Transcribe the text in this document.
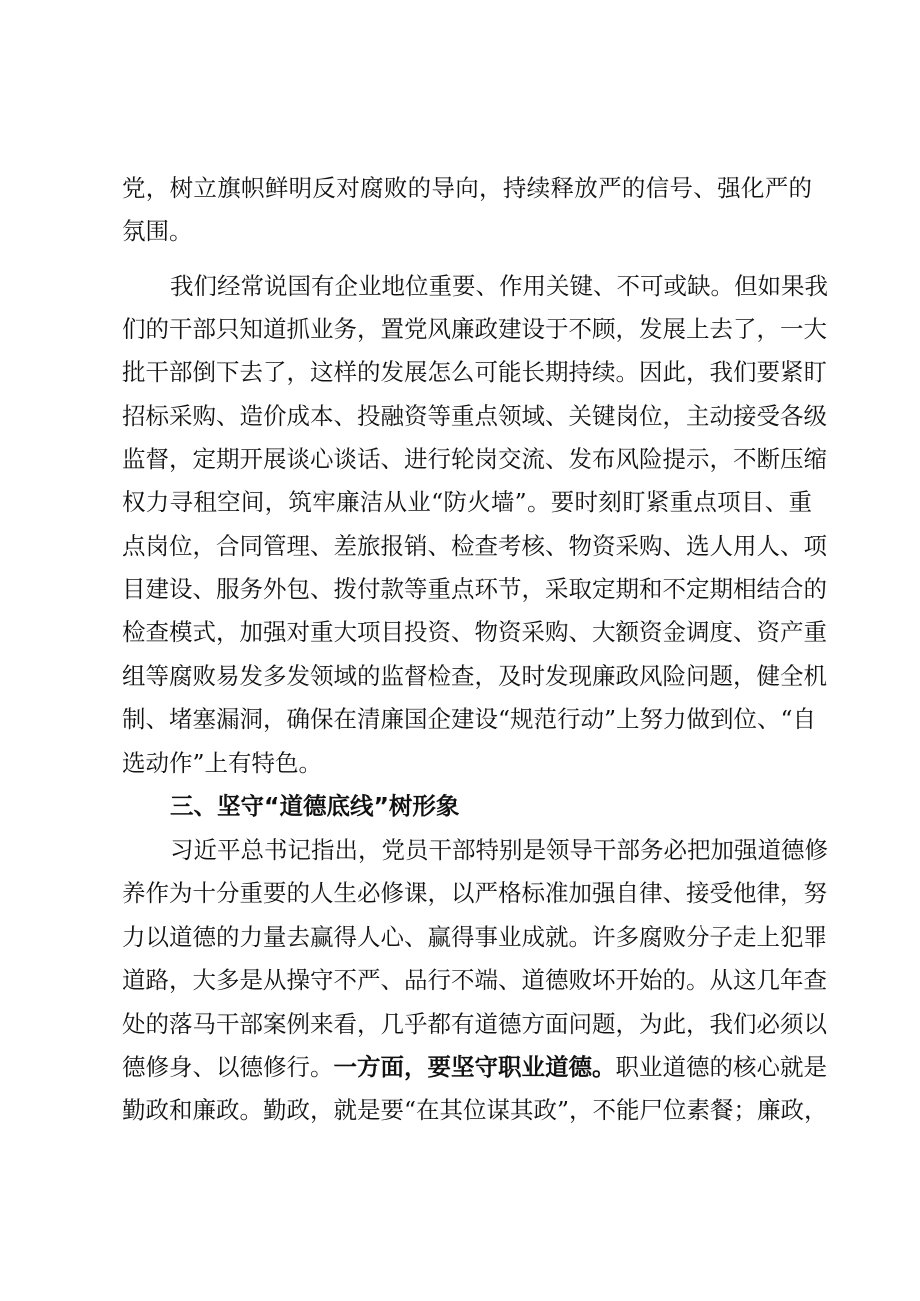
党，树立旗帜鲜明反对腐败的导向，持续释放严的信号、强化严的
氛围。
我们经常说国有企业地位重要、作用关键、不可或缺。但如果我
们的干部只知道抓业务，置党风廉政建设于不顾，发展上去了，一大
批干部倒下去了，这样的发展怎么可能长期持续。因此，我们要紧盯
招标采购、造价成本、投融资等重点领域、关键岗位，主动接受各级
监督，定期开展谈心谈话、进行轮岗交流、发布风险提示，不断压缩
权力寻租空间，筑牢廉洁从业“防火墙”。要时刻盯紧重点项目、重
点岗位，合同管理、差旅报销、检查考核、物资采购、选人用人、项
目建设、服务外包、拨付款等重点环节，采取定期和不定期相结合的
检查模式，加强对重大项目投资、物资采购、大额资金调度、资产重
组等腐败易发多发领域的监督检查，及时发现廉政风险问题，健全机
制、堵塞漏洞，确保在清廉国企建设“规范行动”上努力做到位、“自
选动作”上有特色。
三、坚守“道德底线”树形象
习近平总书记指出，党员干部特别是领导干部务必把加强道德修
养作为十分重要的人生必修课，以严格标准加强自律、接受他律，努
力以道德的力量去赢得人心、赢得事业成就。许多腐败分子走上犯罪
道路，大多是从操守不严、品行不端、道德败坏开始的。从这几年查
处的落马干部案例来看，几乎都有道德方面问题，为此，我们必须以
德修身、以德修行。一方面，要坚守职业道德。职业道德的核心就是
勤政和廉政。勤政，就是要“在其位谋其政”，不能尸位素餐；廉政，
